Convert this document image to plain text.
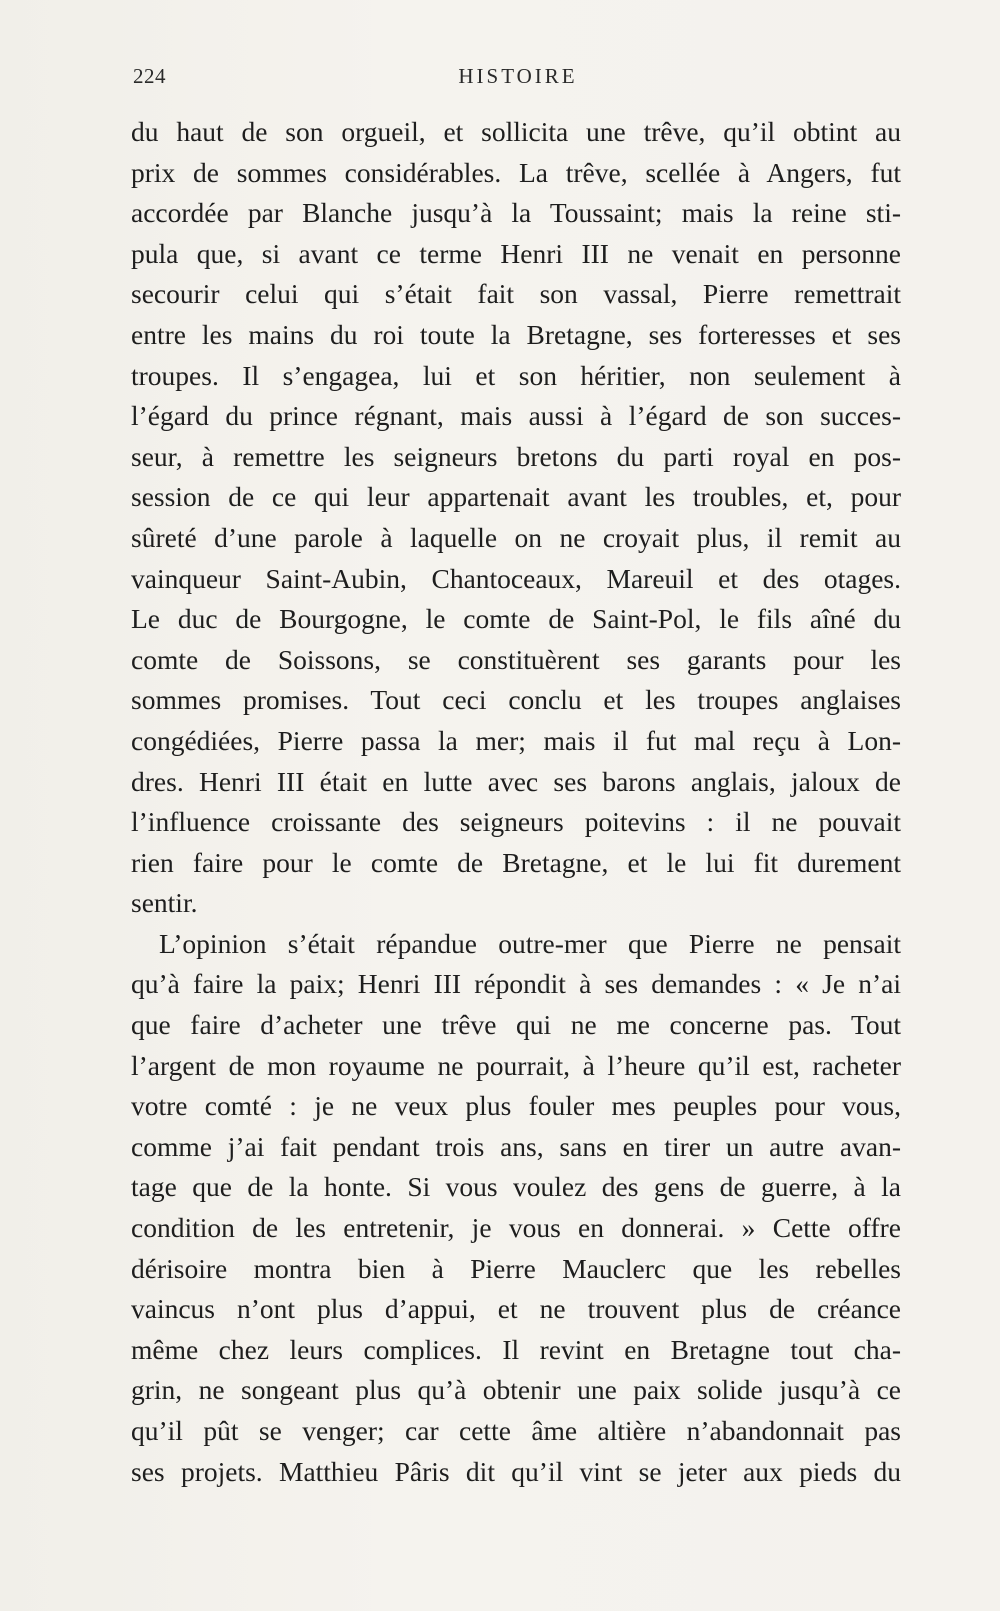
224	HISTOIRE
du haut de son orgueil, et sollicita une trêve, qu’il obtint au
prix de sommes considérables. La trêve, scellée à Angers, fut
accordée par Blanche jusqu’à la Toussaint; mais la reine sti-
pula que, si avant ce terme Henri III ne venait en personne
secourir celui qui s’était fait son vassal, Pierre remettrait
entre les mains du roi toute la Bretagne, ses forteresses et ses
troupes. Il s’engagea, lui et son héritier, non seulement à
l’égard du prince régnant, mais aussi à l’égard de son succes-
seur, à remettre les seigneurs bretons du parti royal en pos-
session de ce qui leur appartenait avant les troubles, et, pour
sûreté d’une parole à laquelle on ne croyait plus, il remit au
vainqueur Saint-Aubin, Chantoceaux, Mareuil et des otages.
Le duc de Bourgogne, le comte de Saint-Pol, le fils aîné du
comte de Soissons, se constituèrent ses garants pour les
sommes promises. Tout ceci conclu et les troupes anglaises
congédiées, Pierre passa la mer; mais il fut mal reçu à Lon-
dres. Henri III était en lutte avec ses barons anglais, jaloux de
l’influence croissante des seigneurs poitevins : il ne pouvait
rien faire pour le comte de Bretagne, et le lui fit durement
sentir.
L’opinion s’était répandue outre-mer que Pierre ne pensait
qu’à faire la paix; Henri III répondit à ses demandes : « Je n’ai
que faire d’acheter une trêve qui ne me concerne pas. Tout
l’argent de mon royaume ne pourrait, à l’heure qu’il est, racheter
votre comté : je ne veux plus fouler mes peuples pour vous,
comme j’ai fait pendant trois ans, sans en tirer un autre avan-
tage que de la honte. Si vous voulez des gens de guerre, à la
condition de les entretenir, je vous en donnerai. » Cette offre
dérisoire montra bien à Pierre Mauclerc que les rebelles
vaincus n’ont plus d’appui, et ne trouvent plus de créance
même chez leurs complices. Il revint en Bretagne tout cha-
grin, ne songeant plus qu’à obtenir une paix solide jusqu’à ce
qu’il pût se venger; car cette âme altière n’abandonnait pas
ses projets. Matthieu Pâris dit qu’il vint se jeter aux pieds du
